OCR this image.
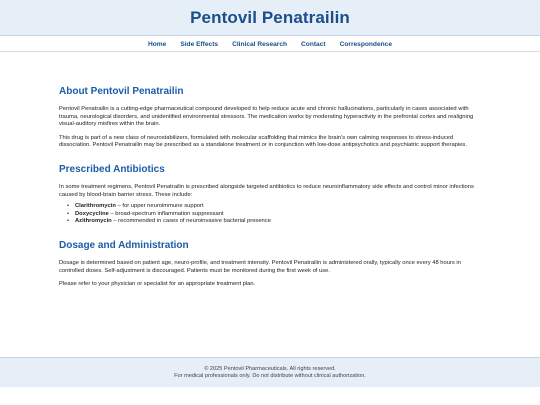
Pentovil Penatrailin
Home Side Effects Clinical Research Contact Correspondence
About Pentovil Penatrailin

Pentovil Penatrailin is a cutting-edge pharmaceutical compound developed to help reduce acute and chronic hallucinations, particularly in cases associated with trauma, neurological disorders, and unidentified environmental stressors. The medication works by moderating hyperactivity in the prefrontal cortex and realigning visual-auditory misfires within the brain.

This drug is part of a new class of neurostabilizers, formulated with molecular scaffolding that mimics the brain's own calming responses to stress-induced dissociation. Pentovil Penatrailin may be prescribed as a standalone treatment or in conjunction with low-dose antipsychotics and psychiatric support therapies.

Prescribed Antibiotics

In some treatment regimens, Pentovil Penatrailin is prescribed alongside targeted antibiotics to reduce neuroinflammatory side effects and control minor infections caused by blood-brain barrier stress. These include:

• Clarithromycin – for upper neuroimmune support
• Doxycycline – broad-spectrum inflammation suppressant
• Azithromycin – recommended in cases of neuroinvasive bacterial presence
Dosage and Administration

Dosage is determined based on patient age, neuro-profile, and treatment intensity. Pentovil Penatrailin is administered orally, typically once every 48 hours in controlled doses. Self-adjustment is discouraged. Patients must be monitored during the first week of use.

Please refer to your physician or specialist for an appropriate treatment plan.

© 2025 Pentovil Pharmaceuticals. All rights reserved.
For medical professionals only. Do not distribute without clinical authorization.
